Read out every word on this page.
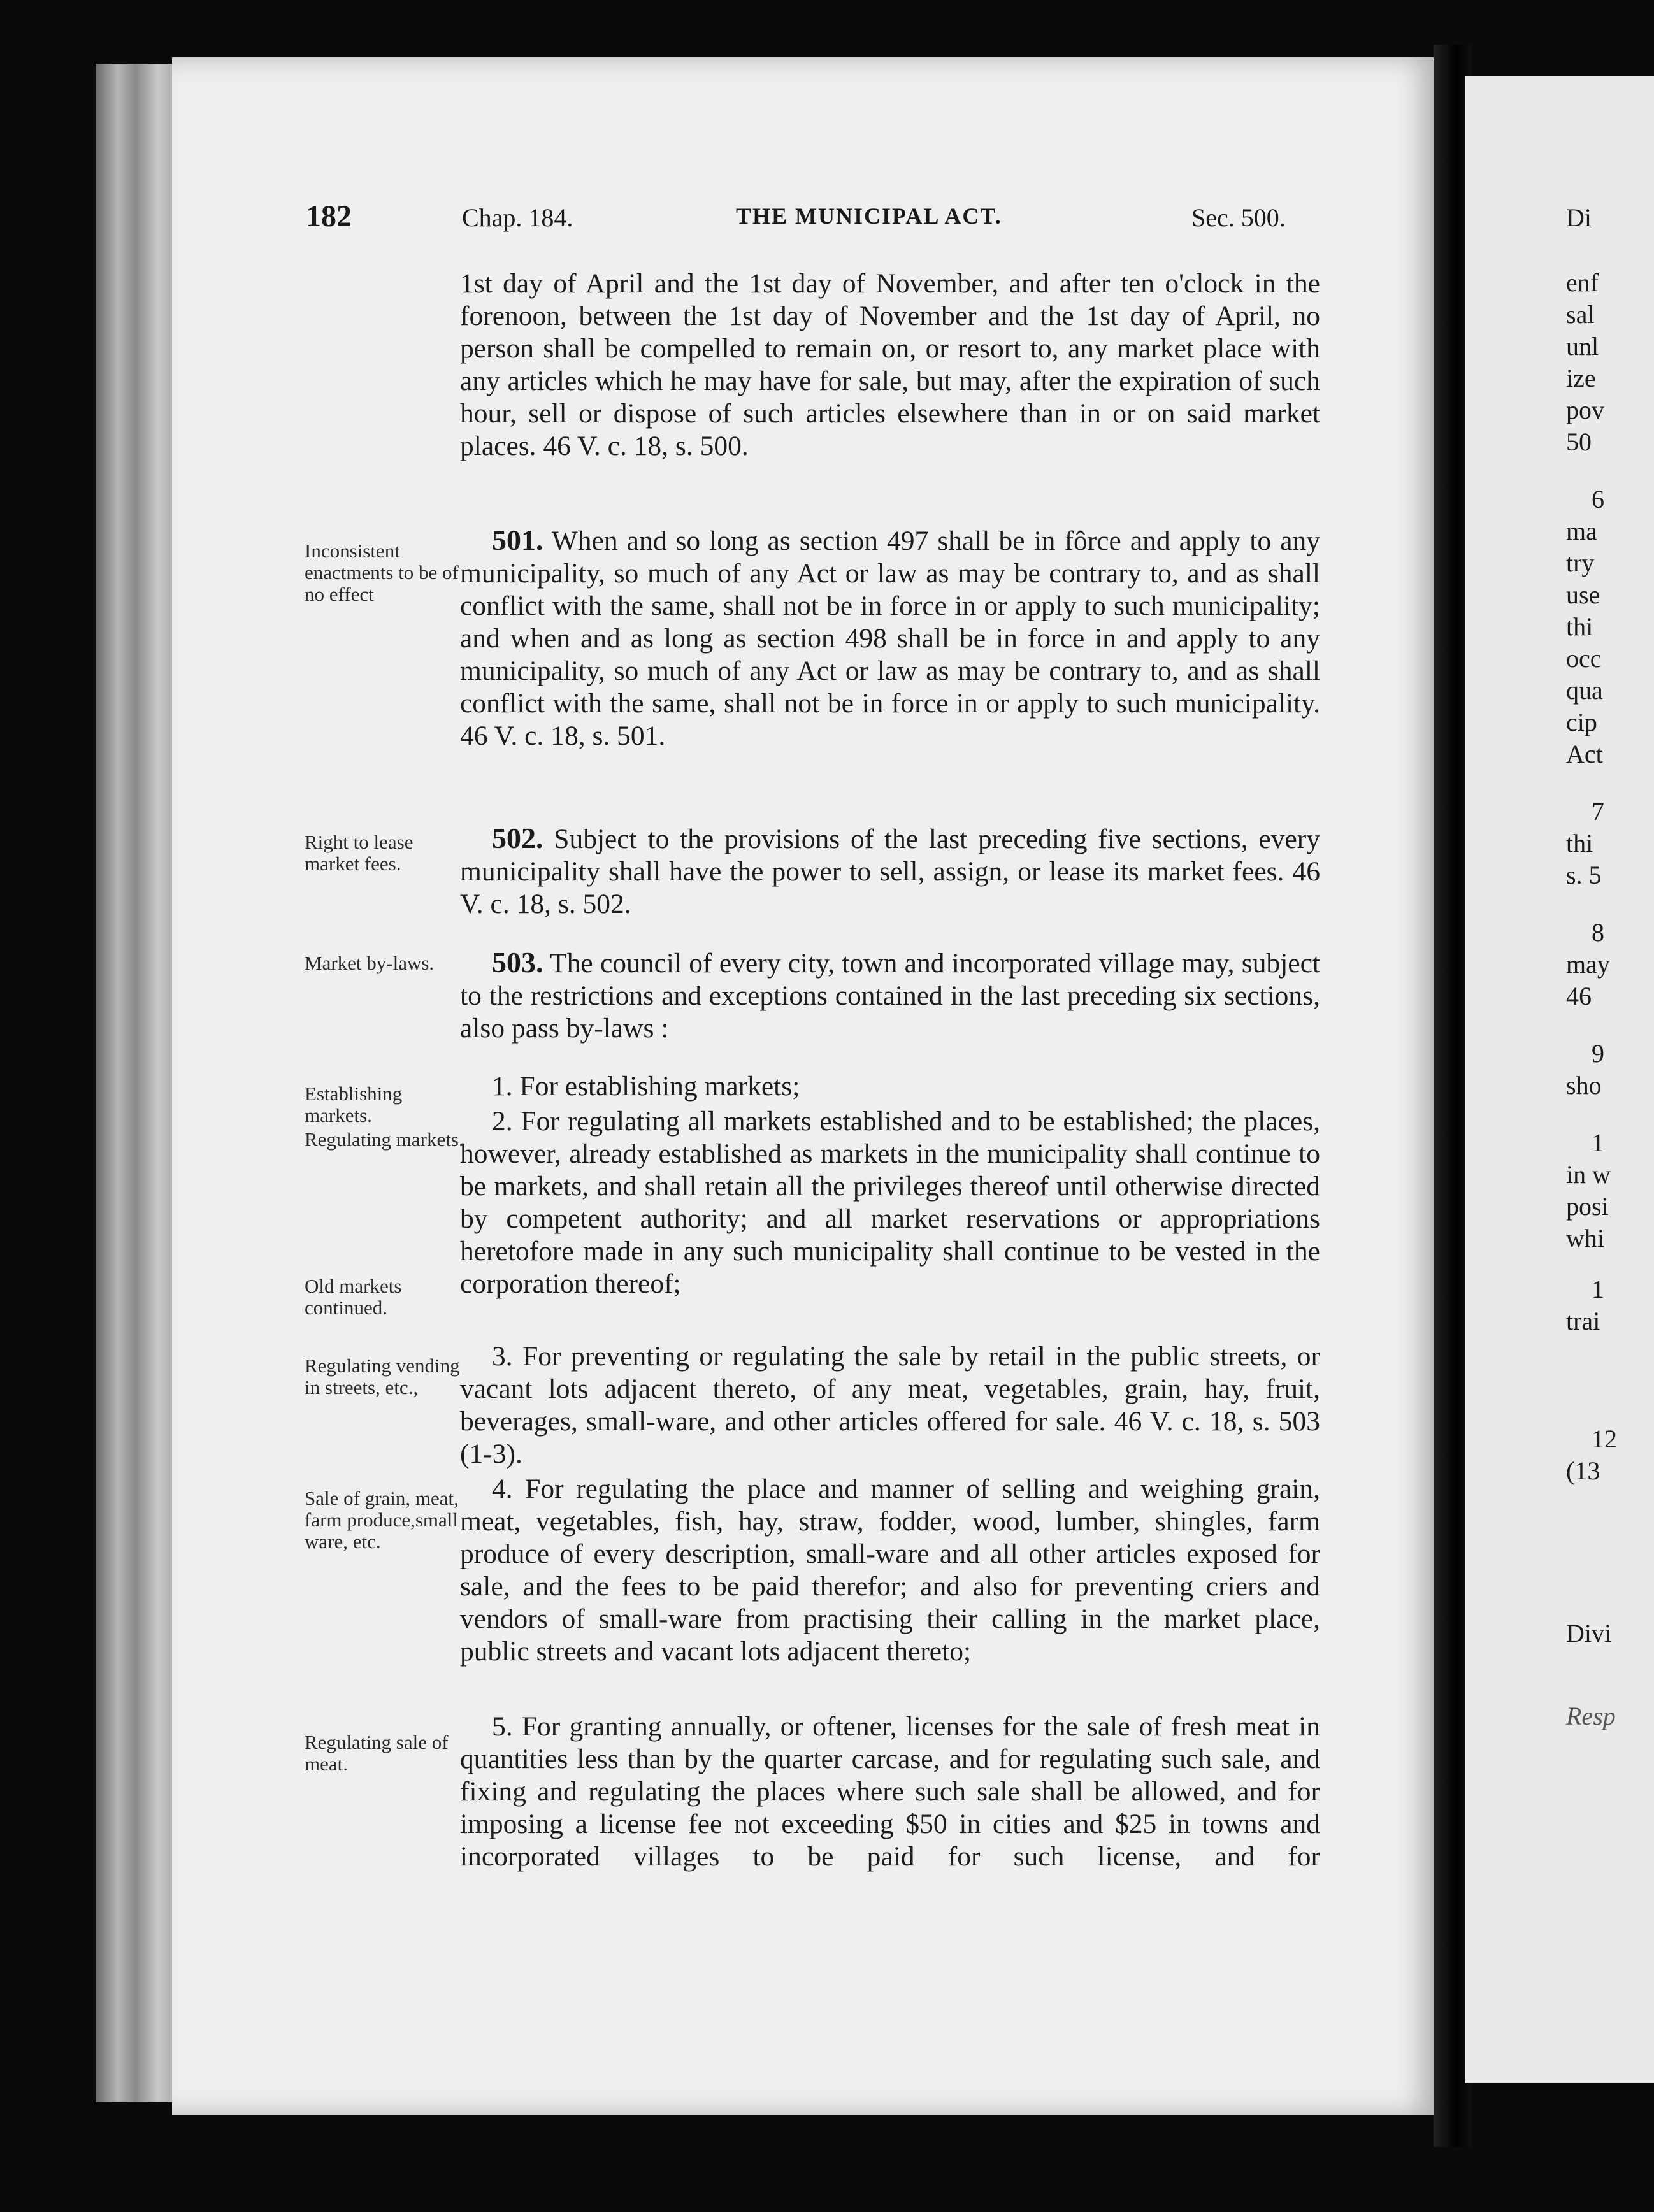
182	Chap. 184.	THE MUNICIPAL ACT.	Sec. 500.

1st day of April and the 1st day of November, and after ten o'clock in the forenoon, between the 1st day of November and the 1st day of April, no person shall be compelled to remain on, or resort to, any market place with any articles which he may have for sale, but may, after the expiration of such hour, sell or dispose of such articles elsewhere than in or on said market places. 46 V. c. 18, s. 500.

501. When and so long as section 497 shall be in fôrce and apply to any municipality, so much of any Act or law as may be contrary to, and as shall conflict with the same, shall not be in force in or apply to such municipality; and when and as long as section 498 shall be in force in and apply to any municipality, so much of any Act or law as may be contrary to, and as shall conflict with the same, shall not be in force in or apply to such municipality. 46 V. c. 18, s. 501.

502. Subject to the provisions of the last preceding five sections, every municipality shall have the power to sell, assign, or lease its market fees. 46 V. c. 18, s. 502.

503. The council of every city, town and incorporated village may, subject to the restrictions and exceptions contained in the last preceding six sections, also pass by-laws :

1. For establishing markets;

2. For regulating all markets established and to be established; the places, however, already established as markets in the municipality shall continue to be markets, and shall retain all the privileges thereof until otherwise directed by competent authority; and all market reservations or appropriations heretofore made in any such municipality shall continue to be vested in the corporation thereof;

3. For preventing or regulating the sale by retail in the public streets, or vacant lots adjacent thereto, of any meat, vegetables, grain, hay, fruit, beverages, small-ware, and other articles offered for sale. 46 V. c. 18, s. 503 (1-3).

4. For regulating the place and manner of selling and weighing grain, meat, vegetables, fish, hay, straw, fodder, wood, lumber, shingles, farm produce of every description, small-ware and all other articles exposed for sale, and the fees to be paid therefor; and also for preventing criers and vendors of small-ware from practising their calling in the market place, public streets and vacant lots adjacent thereto;

5. For granting annually, or oftener, licenses for the sale of fresh meat in quantities less than by the quarter carcase, and for regulating such sale, and fixing and regulating the places where such sale shall be allowed, and for imposing a license fee not exceeding $50 in cities and $25 in towns and incorporated villages to be paid for such license, and for

Inconsistent enactments to be of no effect

Right to lease market fees.

Market by-laws.

Establishing markets.

Regulating markets.

Old markets continued.

Regulating vending in streets, etc.,

Sale of grain, meat, farm produce,small ware, etc.

Regulating sale of meat.

Di
enf
sal
unl
ize
pov
50
6
ma
try
use
thi
occ
qua
cip
Act
7
thi
s. 5
8
may
46
9
sho
1
in w
posi
whi
1
trai
12
(13
Divi
Resp
